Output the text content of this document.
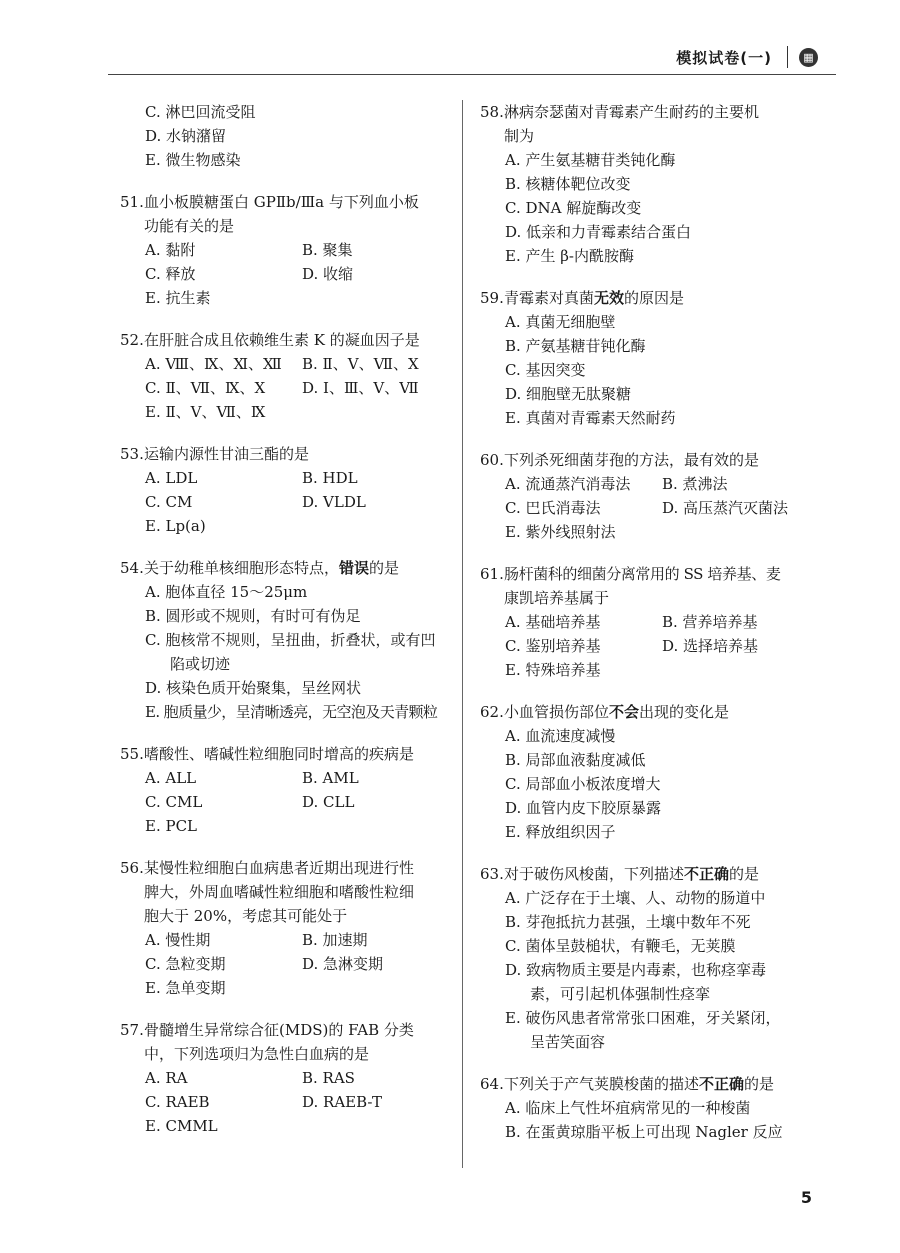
模拟试卷(一)	▦
C. 淋巴回流受阻
D. 水钠潴留
E. 微生物感染
51. 血小板膜糖蛋白 GPⅡb/Ⅲa 与下列血小板
功能有关的是
A. 黏附	B. 聚集
C. 释放	D. 收缩
E. 抗生素
52. 在肝脏合成且依赖维生素 K 的凝血因子是
A. Ⅷ、Ⅸ、Ⅺ、Ⅻ	B. Ⅱ、Ⅴ、Ⅶ、Ⅹ
C. Ⅱ、Ⅶ、Ⅸ、Ⅹ	D. Ⅰ、Ⅲ、Ⅴ、Ⅶ
E. Ⅱ、Ⅴ、Ⅶ、Ⅸ
53. 运输内源性甘油三酯的是
A. LDL	B. HDL
C. CM	D. VLDL
E. Lp(a)
54. 关于幼稚单核细胞形态特点，错误的是
A. 胞体直径 15～25μm
B. 圆形或不规则，有时可有伪足
C. 胞核常不规则，呈扭曲，折叠状，或有凹
陷或切迹
D. 核染色质开始聚集，呈丝网状
E. 胞质量少，呈清晰透亮，无空泡及天青颗粒
55. 嗜酸性、嗜碱性粒细胞同时增高的疾病是
A. ALL	B. AML
C. CML	D. CLL
E. PCL
56. 某慢性粒细胞白血病患者近期出现进行性
脾大，外周血嗜碱性粒细胞和嗜酸性粒细
胞大于 20%，考虑其可能处于
A. 慢性期	B. 加速期
C. 急粒变期	D. 急淋变期
E. 急单变期
57. 骨髓增生异常综合征(MDS)的 FAB 分类
中，下列选项归为急性白血病的是
A. RA	B. RAS
C. RAEB	D. RAEB-T
E. CMML
58. 淋病奈瑟菌对青霉素产生耐药的主要机
制为
A. 产生氨基糖苷类钝化酶
B. 核糖体靶位改变
C. DNA 解旋酶改变
D. 低亲和力青霉素结合蛋白
E. 产生 β-内酰胺酶
59. 青霉素对真菌无效的原因是
A. 真菌无细胞壁
B. 产氨基糖苷钝化酶
C. 基因突变
D. 细胞壁无肽聚糖
E. 真菌对青霉素天然耐药
60. 下列杀死细菌芽孢的方法，最有效的是
A. 流通蒸汽消毒法	B. 煮沸法
C. 巴氏消毒法	D. 高压蒸汽灭菌法
E. 紫外线照射法
61. 肠杆菌科的细菌分离常用的 SS 培养基、麦
康凯培养基属于
A. 基础培养基	B. 营养培养基
C. 鉴别培养基	D. 选择培养基
E. 特殊培养基
62. 小血管损伤部位不会出现的变化是
A. 血流速度减慢
B. 局部血液黏度减低
C. 局部血小板浓度增大
D. 血管内皮下胶原暴露
E. 释放组织因子
63. 对于破伤风梭菌，下列描述不正确的是
A. 广泛存在于土壤、人、动物的肠道中
B. 芽孢抵抗力甚强，土壤中数年不死
C. 菌体呈鼓槌状，有鞭毛，无荚膜
D. 致病物质主要是内毒素，也称痉挛毒
素，可引起机体强制性痉挛
E. 破伤风患者常常张口困难，牙关紧闭，
呈苦笑面容
64. 下列关于产气荚膜梭菌的描述不正确的是
A. 临床上气性坏疽病常见的一种梭菌
B. 在蛋黄琼脂平板上可出现 Nagler 反应
5
